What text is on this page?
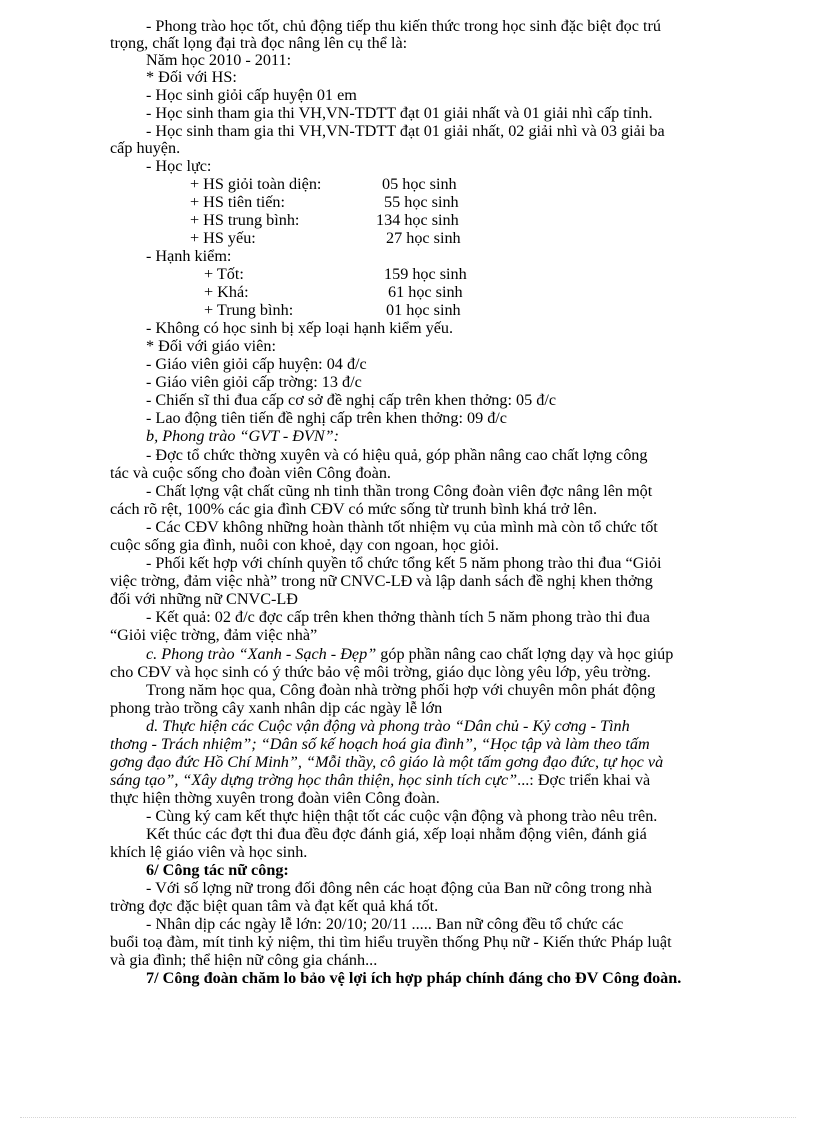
- Phong trào học tốt, chủ động tiếp thu kiến thức trong học sinh đặc biệt đọc trú
trọng, chất lọng đại trà đọc nâng lên cụ thể là:
Năm học 2010 - 2011:
* Đối với HS:
- Học sinh giỏi cấp huyện 01 em
- Học sinh tham gia thi VH,VN-TDTT đạt 01 giải nhất và 01 giải nhì cấp tỉnh.
- Học sinh tham gia thi VH,VN-TDTT đạt 01 giải nhất, 02 giải nhì và 03 giải ba
cấp huyện.
- Học lực:
+ HS giỏi toàn diện:	05 học sinh
+ HS tiên tiến:	55 học sinh
+ HS trung bình:	134 học sinh
+ HS yếu:	27 học sinh
- Hạnh kiểm:
+ Tốt:	159 học sinh
+ Khá:	61 học sinh
+ Trung bình:	01 học sinh
- Không có học sinh bị xếp loại hạnh kiểm yếu.
* Đối với giáo viên:
- Giáo viên giỏi cấp huyện: 04 đ/c
- Giáo viên giỏi cấp trờng: 13 đ/c
- Chiến sĩ thi đua cấp cơ sở đề nghị cấp trên khen thởng: 05 đ/c
- Lao động tiên tiến đề nghị cấp trên khen thởng: 09 đ/c
b, Phong trào “GVT - ĐVN”:
- Đợc tổ chức thờng xuyên và có hiệu quả, góp phần nâng cao chất lợng công
tác và cuộc sống cho đoàn viên Công đoàn.
- Chất lợng vật chất cũng nh tinh thần trong Công đoàn viên đợc nâng lên một
cách rõ rệt, 100% các gia đình CĐV có mức sống từ trunh bình khá trở lên.
- Các CĐV không những hoàn thành tốt nhiệm vụ của mình mà còn tổ chức tốt
cuộc sống gia đình, nuôi con khoẻ, dạy con ngoan, học giỏi.
- Phối kết hợp với chính quyền tổ chức tổng kết 5 năm phong trào thi đua “Giỏi
việc trờng, đảm việc nhà” trong nữ CNVC-LĐ và lập danh sách đề nghị khen thởng
đối với những nữ CNVC-LĐ
- Kết quả: 02 đ/c đợc cấp trên khen thởng thành tích 5 năm phong trào thi đua
“Giỏi việc trờng, đảm việc nhà”
c. Phong trào “Xanh - Sạch - Đẹp” góp phần nâng cao chất lợng dạy và học giúp
cho CĐV và học sinh có ý thức bảo vệ môi trờng, giáo dục lòng yêu lớp, yêu trờng.
Trong năm học qua, Công đoàn nhà trờng phối hợp với chuyên môn phát động
phong trào trồng cây xanh nhân dịp các ngày lễ lớn
d. Thực hiện các Cuộc vận động và phong trào “Dân chủ - Kỷ cơng - Tình
thơng - Trách nhiệm”; “Dân số kế hoạch hoá gia đình”, “Học tập và làm theo tấm
gơng đạo đức Hồ Chí Minh”, “Mỗi thầy, cô giáo là một tấm gơng đạo đức, tự học và
sáng tạo”, “Xây dựng trờng học thân thiện, học sinh tích cực”...: Đợc triển khai và
thực hiện thờng xuyên trong đoàn viên Công đoàn.
- Cùng ký cam kết thực hiện thật tốt các cuộc vận động và phong trào nêu trên.
Kết thúc các đợt thi đua đều đợc đánh giá, xếp loại nhằm động viên, đánh giá
khích lệ giáo viên và học sinh.
6/ Công tác nữ công:
- Với số lợng nữ trong đối đông nên các hoạt động của Ban nữ công trong nhà
trờng đợc đặc biệt quan tâm và đạt kết quả khá tốt.
- Nhân dịp các ngày lễ lớn: 20/10; 20/11 ..... Ban nữ công đều tổ chức các
buổi toạ đàm, mít tinh kỷ niệm, thi tìm hiểu truyền thống Phụ nữ - Kiến thức Pháp luật
và gia đình; thể hiện nữ công gia chánh...
7/ Công đoàn chăm lo bảo vệ lợi ích hợp pháp chính đáng cho ĐV Công đoàn.
